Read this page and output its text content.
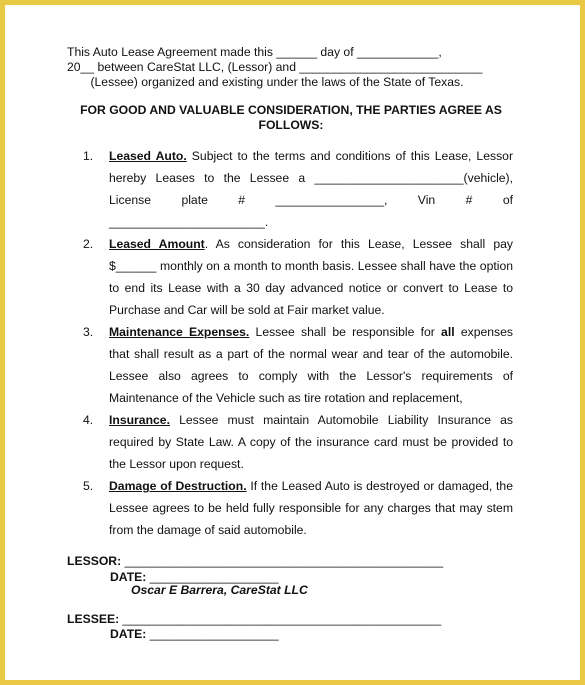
This Auto Lease Agreement made this ______ day of ____________,
20__ between CareStat LLC, (Lessor) and ___________________________

(Lessee) organized and existing under the laws of the State of Texas.
FOR GOOD AND VALUABLE CONSIDERATION, THE PARTIES AGREE AS FOLLOWS:
1.	Leased Auto. Subject to the terms and conditions of this Lease, Lessor hereby Leases to the Lessee a ______________________(vehicle), License plate # ________________, Vin # of _______________________.
2.	Leased Amount. As consideration for this Lease, Lessee shall pay $______ monthly on a month to month basis. Lessee shall have the option to end its Lease with a 30 day advanced notice or convert to Lease to Purchase and Car will be sold at Fair market value.
3.	Maintenance Expenses. Lessee shall be responsible for all expenses that shall result as a part of the normal wear and tear of the automobile. Lessee also agrees to comply with the Lessor's requirements of Maintenance of the Vehicle such as tire rotation and replacement,
4.	Insurance. Lessee must maintain Automobile Liability Insurance as required by State Law. A copy of the insurance card must be provided to the Lessor upon request.
5.	Damage of Destruction. If the Leased Auto is destroyed or damaged, the Lessee agrees to be held fully responsible for any charges that may stem from the damage of said automobile.
LESSOR: _______________________________________________
DATE: ___________________
Oscar E Barrera, CareStat LLC
LESSEE: _______________________________________________
DATE: ___________________
